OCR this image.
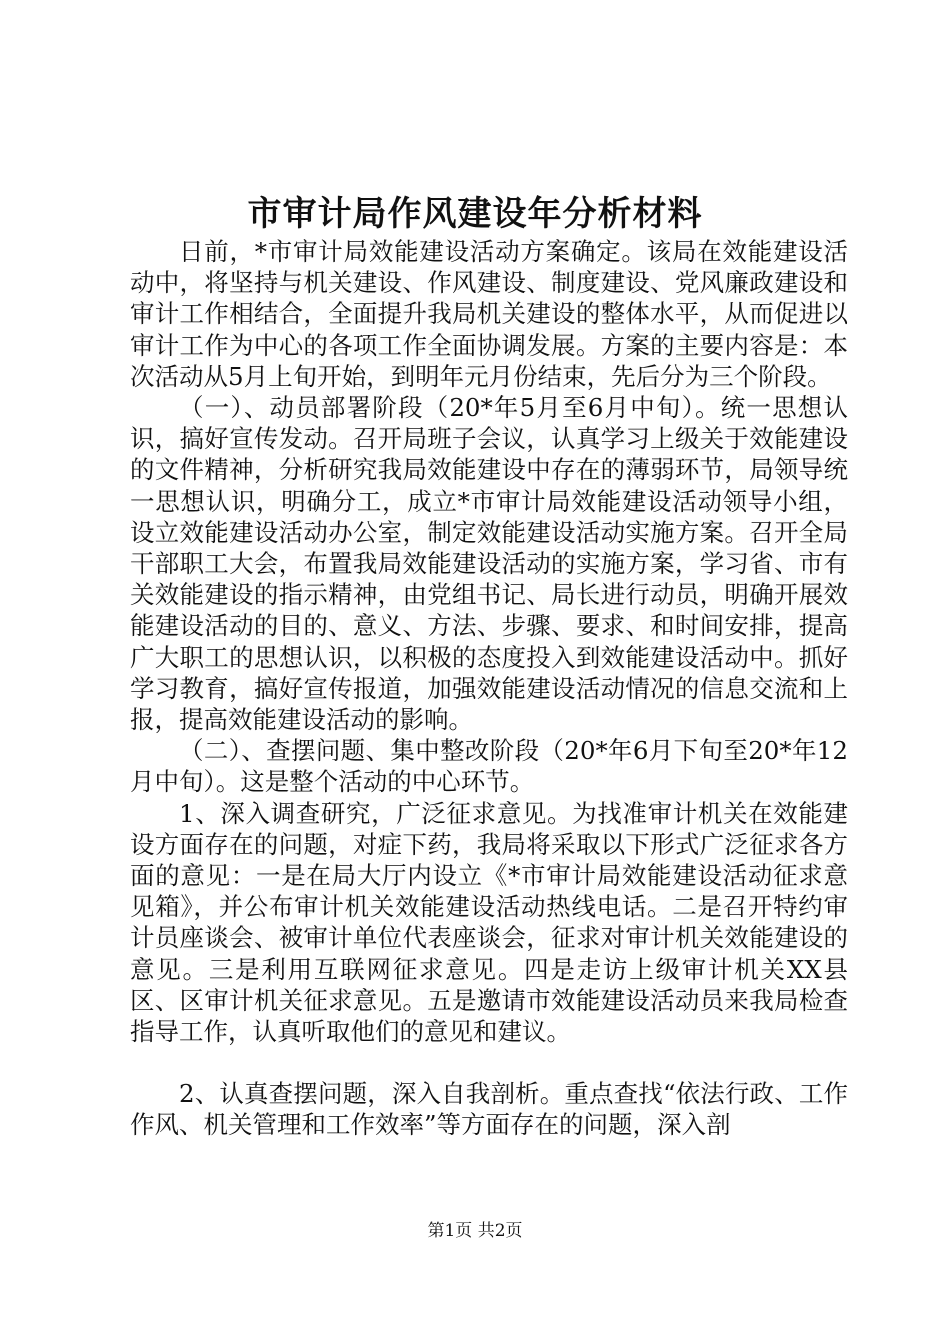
市审计局作风建设年分析材料

日前，*市审计局效能建设活动方案确定。该局在效能建设活动中，将坚持与机关建设、作风建设、制度建设、党风廉政建设和审计工作相结合，全面提升我局机关建设的整体水平，从而促进以审计工作为中心的各项工作全面协调发展。方案的主要内容是：本次活动从5月上旬开始，到明年元月份结束，先后分为三个阶段。

（一）、动员部署阶段（20*年5月至6月中旬）。统一思想认识，搞好宣传发动。召开局班子会议，认真学习上级关于效能建设的文件精神，分析研究我局效能建设中存在的薄弱环节，局领导统一思想认识，明确分工，成立*市审计局效能建设活动领导小组，设立效能建设活动办公室，制定效能建设活动实施方案。召开全局干部职工大会，布置我局效能建设活动的实施方案，学习省、市有关效能建设的指示精神，由党组书记、局长进行动员，明确开展效能建设活动的目的、意义、方法、步骤、要求、和时间安排，提高广大职工的思想认识，以积极的态度投入到效能建设活动中。抓好学习教育，搞好宣传报道，加强效能建设活动情况的信息交流和上报，提高效能建设活动的影响。

（二）、查摆问题、集中整改阶段（20*年6月下旬至20*年12月中旬）。这是整个活动的中心环节。

1、深入调查研究，广泛征求意见。为找准审计机关在效能建设方面存在的问题，对症下药，我局将采取以下形式广泛征求各方面的意见：一是在局大厅内设立《*市审计局效能建设活动征求意见箱》，并公布审计机关效能建设活动热线电话。二是召开特约审计员座谈会、被审计单位代表座谈会，征求对审计机关效能建设的意见。三是利用互联网征求意见。四是走访上级审计机关XX县区、区审计机关征求意见。五是邀请市效能建设活动员来我局检查指导工作，认真听取他们的意见和建议。

2、认真查摆问题，深入自我剖析。重点查找“依法行政、工作作风、机关管理和工作效率”等方面存在的问题，深入剖

第1页 共2页
